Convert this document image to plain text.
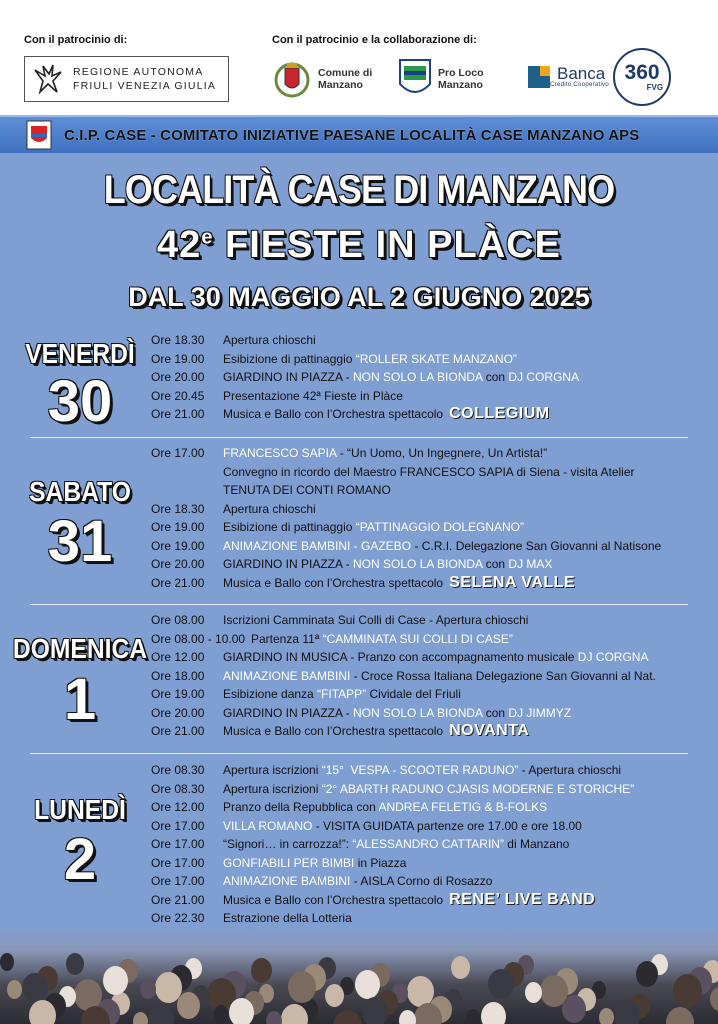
Con il patrocinio di:	Con il patrocinio e la collaborazione di:
REGIONE AUTONOMA
FRIULI VENEZIA GIULIA
Comune di
Manzano
Pro Loco
Manzano
Banca
Credito Cooperativo
360
FVG
C.I.P. CASE - COMITATO INIZIATIVE PAESANE LOCALITÀ CASE MANZANO APS
LOCALITÀ CASE DI MANZANO
42e FIESTE IN PLÀCE
DAL 30 MAGGIO AL 2 GIUGNO 2025
VENERDÌ
30
Ore 18.30	Apertura chioschi
Ore 19.00	Esibizione di pattinaggio “ROLLER SKATE MANZANO”
Ore 20.00	GIARDINO IN PIAZZA - NON SOLO LA BIONDA con DJ CORGNA
Ore 20.45	Presentazione 42ª Fieste in Plàce
Ore 21.00	Musica e Ballo con l’Orchestra spettacolo COLLEGIUM
SABATO
31
Ore 17.00	FRANCESCO SAPIA - “Un Uomo, Un Ingegnere, Un Artista!”
Convegno in ricordo del Maestro FRANCESCO SAPIA di Siena - visita Atelier
TENUTA DEI CONTI ROMANO
Ore 18.30	Apertura chioschi
Ore 19.00	Esibizione di pattinaggio “PATTINAGGIO DOLEGNANO”
Ore 19.00	ANIMAZIONE BAMBINI - GAZEBO - C.R.I. Delegazione San Giovanni al Natisone
Ore 20.00	GIARDINO IN PIAZZA - NON SOLO LA BIONDA con DJ MAX
Ore 21.00	Musica e Ballo con l’Orchestra spettacolo SELENA VALLE
DOMENICA
1
Ore 08.00	Iscrizioni Camminata Sui Colli di Case - Apertura chioschi
Ore 08.00 - 10.00 Partenza 11ª “CAMMINATA SUI COLLI DI CASE”
Ore 12.00	GIARDINO IN MUSICA - Pranzo con accompagnamento musicale DJ CORGNA
Ore 18.00	ANIMAZIONE BAMBINI - Croce Rossa Italiana Delegazione San Giovanni al Nat.
Ore 19.00	Esibizione danza “FITAPP” Cividale del Friuli
Ore 20.00	GIARDINO IN PIAZZA - NON SOLO LA BIONDA con DJ JIMMYZ
Ore 21.00	Musica e Ballo con l’Orchestra spettacolo NOVANTA
LUNEDÌ
2
Ore 08.30	Apertura iscrizioni “15°  VESPA - SCOOTER RADUNO” - Apertura chioschi
Ore 08.30	Apertura iscrizioni “2° ABARTH RADUNO CJASIS MODERNE E STORICHE”
Ore 12.00	Pranzo della Repubblica con ANDREA FELETIG & B-FOLKS
Ore 17.00	VILLA ROMANO - VISITA GUIDATA partenze ore 17.00 e ore 18.00
Ore 17.00	“Signori… in carrozza!”: “ALESSANDRO CATTARIN” di Manzano
Ore 17.00	GONFIABILI PER BIMBI in Piazza
Ore 17.00	ANIMAZIONE BAMBINI - AISLA Corno di Rosazzo
Ore 21.00	Musica e Ballo con l’Orchestra spettacolo RENE’ LIVE BAND
Ore 22.30	Estrazione della Lotteria
